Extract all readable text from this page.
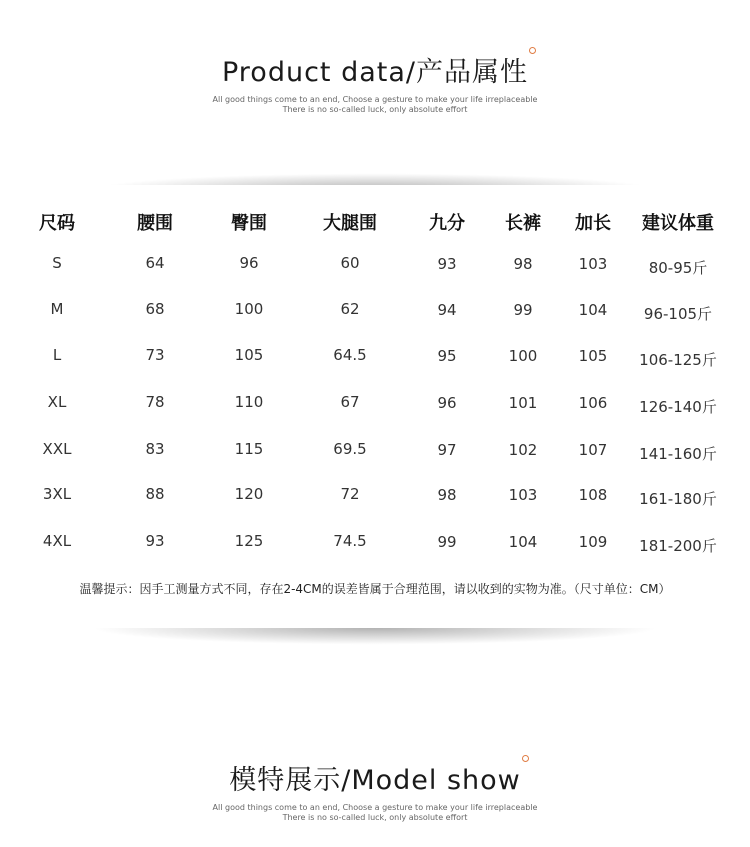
Product data/产品属性
All good things come to an end, Choose a gesture to make your life irreplaceable
There is no so-called luck, only absolute effort
尺码	腰围	臀围	大腿围	九分 长裤 加长 建议体重
S	64	96	60	93	98	103	80-95斤
M	68	100	62	94	99	104 96-105斤
L	73	105	64.5	95	100	105 106-125斤
XL	78	110	67	96	101	106 126-140斤
XXL	83	115	69.5	97	102	107 141-160斤
3XL	88	120	72	98	103	108 161-180斤
4XL	93	125	74.5	99	104	109 181-200斤
温馨提示：因手工测量方式不同，存在2-4CM的误差皆属于合理范围，请以收到的实物为准。（尺寸单位：CM）
模特展示/Model show
All good things come to an end, Choose a gesture to make your life irreplaceable
There is no so-called luck, only absolute effort
